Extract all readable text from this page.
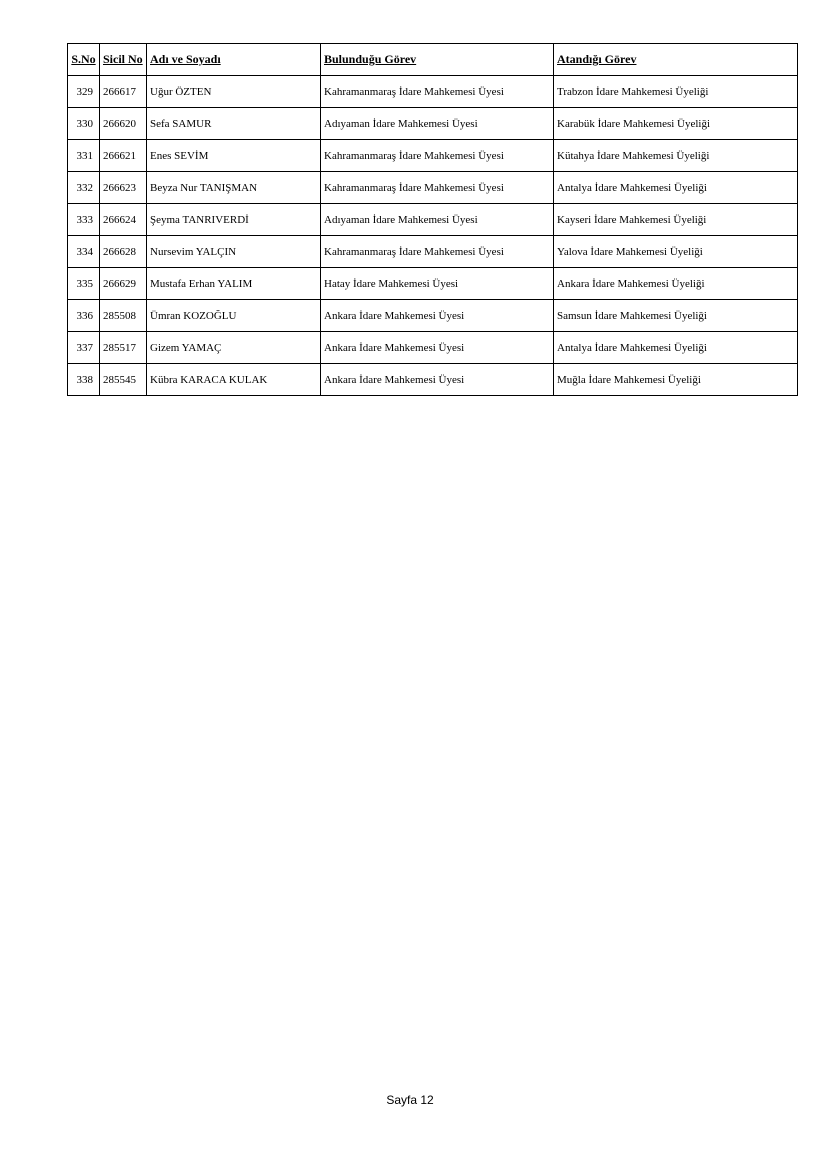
S.No	Sicil No	Adı ve Soyadı	Bulunduğu Görev	Atandığı Görev
329	266617	Uğur ÖZTEN	Kahramanmaraş İdare Mahkemesi Üyesi	Trabzon İdare Mahkemesi Üyeliği
330	266620	Sefa SAMUR	Adıyaman İdare Mahkemesi Üyesi	Karabük İdare Mahkemesi Üyeliği
331	266621	Enes SEVİM	Kahramanmaraş İdare Mahkemesi Üyesi	Kütahya İdare Mahkemesi Üyeliği
332	266623	Beyza Nur TANIŞMAN	Kahramanmaraş İdare Mahkemesi Üyesi	Antalya İdare Mahkemesi Üyeliği
333	266624	Şeyma TANRIVERDİ	Adıyaman İdare Mahkemesi Üyesi	Kayseri İdare Mahkemesi Üyeliği
334	266628	Nursevim YALÇIN	Kahramanmaraş İdare Mahkemesi Üyesi	Yalova İdare Mahkemesi Üyeliği
335	266629	Mustafa Erhan YALIM	Hatay İdare Mahkemesi Üyesi	Ankara İdare Mahkemesi Üyeliği
336	285508	Ümran KOZOĞLU	Ankara İdare Mahkemesi Üyesi	Samsun İdare Mahkemesi Üyeliği
337	285517	Gizem YAMAÇ	Ankara İdare Mahkemesi Üyesi	Antalya İdare Mahkemesi Üyeliği
338	285545	Kübra KARACA KULAK	Ankara İdare Mahkemesi Üyesi	Muğla İdare Mahkemesi Üyeliği
Sayfa 12
